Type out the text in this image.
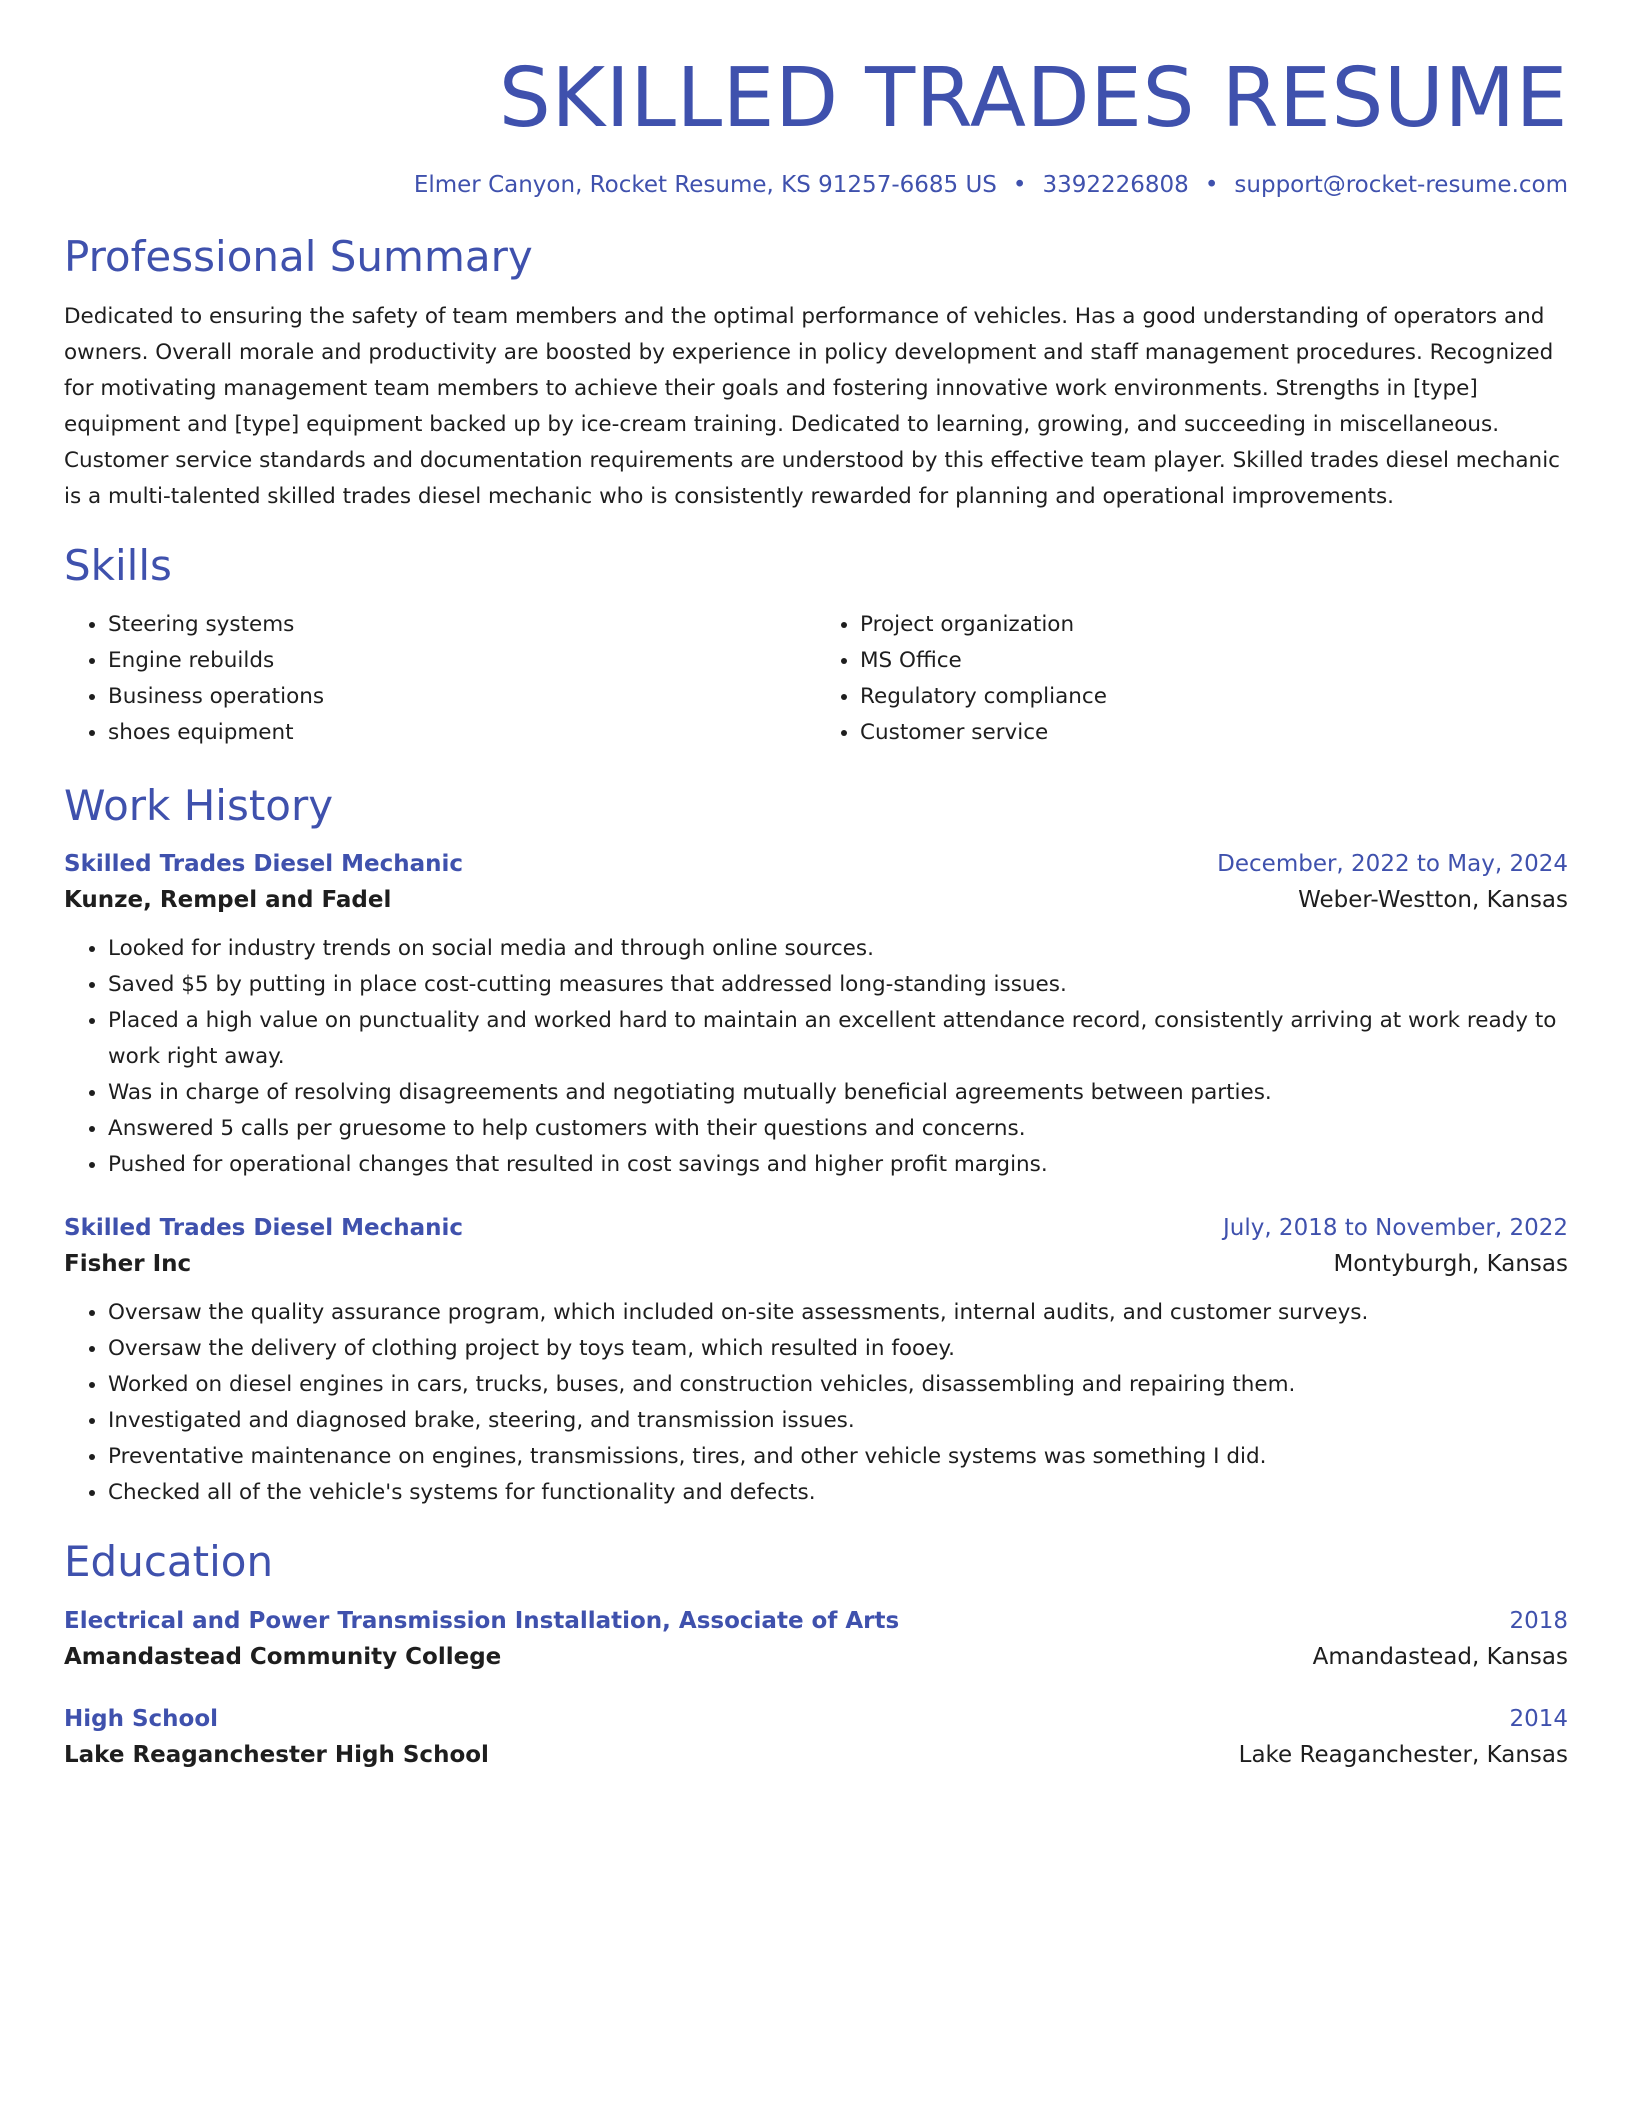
SKILLED TRADES RESUME
Elmer Canyon, Rocket Resume, KS 91257-6685 US • 3392226808 • support@rocket-resume.com
Professional Summary

Dedicated to ensuring the safety of team members and the optimal performance of vehicles. Has a good understanding of operators and owners. Overall morale and productivity are boosted by experience in policy development and staff management procedures. Recognized for motivating management team members to achieve their goals and fostering innovative work environments. Strengths in [type] equipment and [type] equipment backed up by ice-cream training. Dedicated to learning, growing, and succeeding in miscellaneous. Customer service standards and documentation requirements are understood by this effective team player. Skilled trades diesel mechanic is a multi-talented skilled trades diesel mechanic who is consistently rewarded for planning and operational improvements.

Skills
• Steering systems
• Engine rebuilds
• Business operations
• shoes equipment
• Project organization
• MS Office
• Regulatory compliance
• Customer service
Work History
Skilled Trades Diesel Mechanic	December, 2022 to May, 2024
Kunze, Rempel and Fadel	Weber-Westton, Kansas
• Looked for industry trends on social media and through online sources.
• Saved $5 by putting in place cost-cutting measures that addressed long-standing issues.
• Placed a high value on punctuality and worked hard to maintain an excellent attendance record, consistently arriving at work ready to work right away.
• Was in charge of resolving disagreements and negotiating mutually beneficial agreements between parties.
• Answered 5 calls per gruesome to help customers with their questions and concerns.
• Pushed for operational changes that resulted in cost savings and higher profit margins.
Skilled Trades Diesel Mechanic	July, 2018 to November, 2022
Fisher Inc	Montyburgh, Kansas
• Oversaw the quality assurance program, which included on-site assessments, internal audits, and customer surveys.
• Oversaw the delivery of clothing project by toys team, which resulted in fooey.
• Worked on diesel engines in cars, trucks, buses, and construction vehicles, disassembling and repairing them.
• Investigated and diagnosed brake, steering, and transmission issues.
• Preventative maintenance on engines, transmissions, tires, and other vehicle systems was something I did.
• Checked all of the vehicle's systems for functionality and defects.
Education
Electrical and Power Transmission Installation, Associate of Arts	2018
Amandastead Community College	Amandastead, Kansas
High School	2014
Lake Reaganchester High School	Lake Reaganchester, Kansas
